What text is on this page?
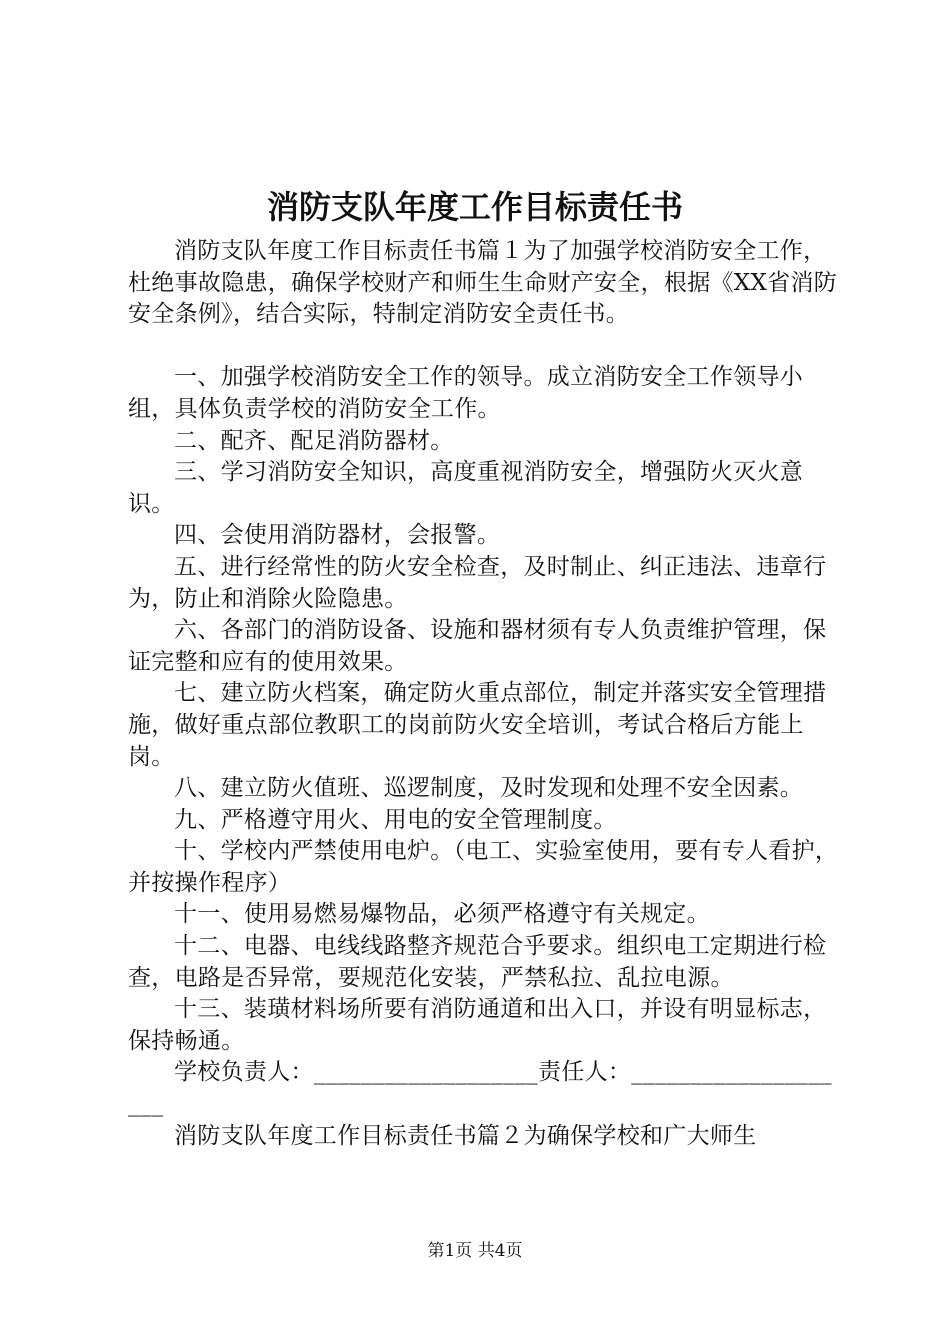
消防支队年度工作目标责任书

消防支队年度工作目标责任书篇１为了加强学校消防安全工作，杜绝事故隐患，确保学校财产和师生生命财产安全，根据《XX省消防安全条例》，结合实际，特制定消防安全责任书。

一、加强学校消防安全工作的领导。成立消防安全工作领导小组，具体负责学校的消防安全工作。

二、配齐、配足消防器材。

三、学习消防安全知识，高度重视消防安全，增强防火灭火意识。

四、会使用消防器材，会报警。

五、进行经常性的防火安全检查，及时制止、纠正违法、违章行为，防止和消除火险隐患。

六、各部门的消防设备、设施和器材须有专人负责维护管理，保证完整和应有的使用效果。

七、建立防火档案，确定防火重点部位，制定并落实安全管理措施，做好重点部位教职工的岗前防火安全培训，考试合格后方能上岗。

八、建立防火值班、巡逻制度，及时发现和处理不安全因素。

九、严格遵守用火、用电的安全管理制度。

十、学校内严禁使用电炉。（电工、实验室使用，要有专人看护，并按操作程序）

十一、使用易燃易爆物品，必须严格遵守有关规定。

十二、电器、电线线路整齐规范合乎要求。组织电工定期进行检查，电路是否异常，要规范化安装，严禁私拉、乱拉电源。

十三、装璜材料场所要有消防通道和出入口，并设有明显标志，保持畅通。

学校负责人：___________________责任人：____________________

消防支队年度工作目标责任书篇２为确保学校和广大师生

第1页 共4页
